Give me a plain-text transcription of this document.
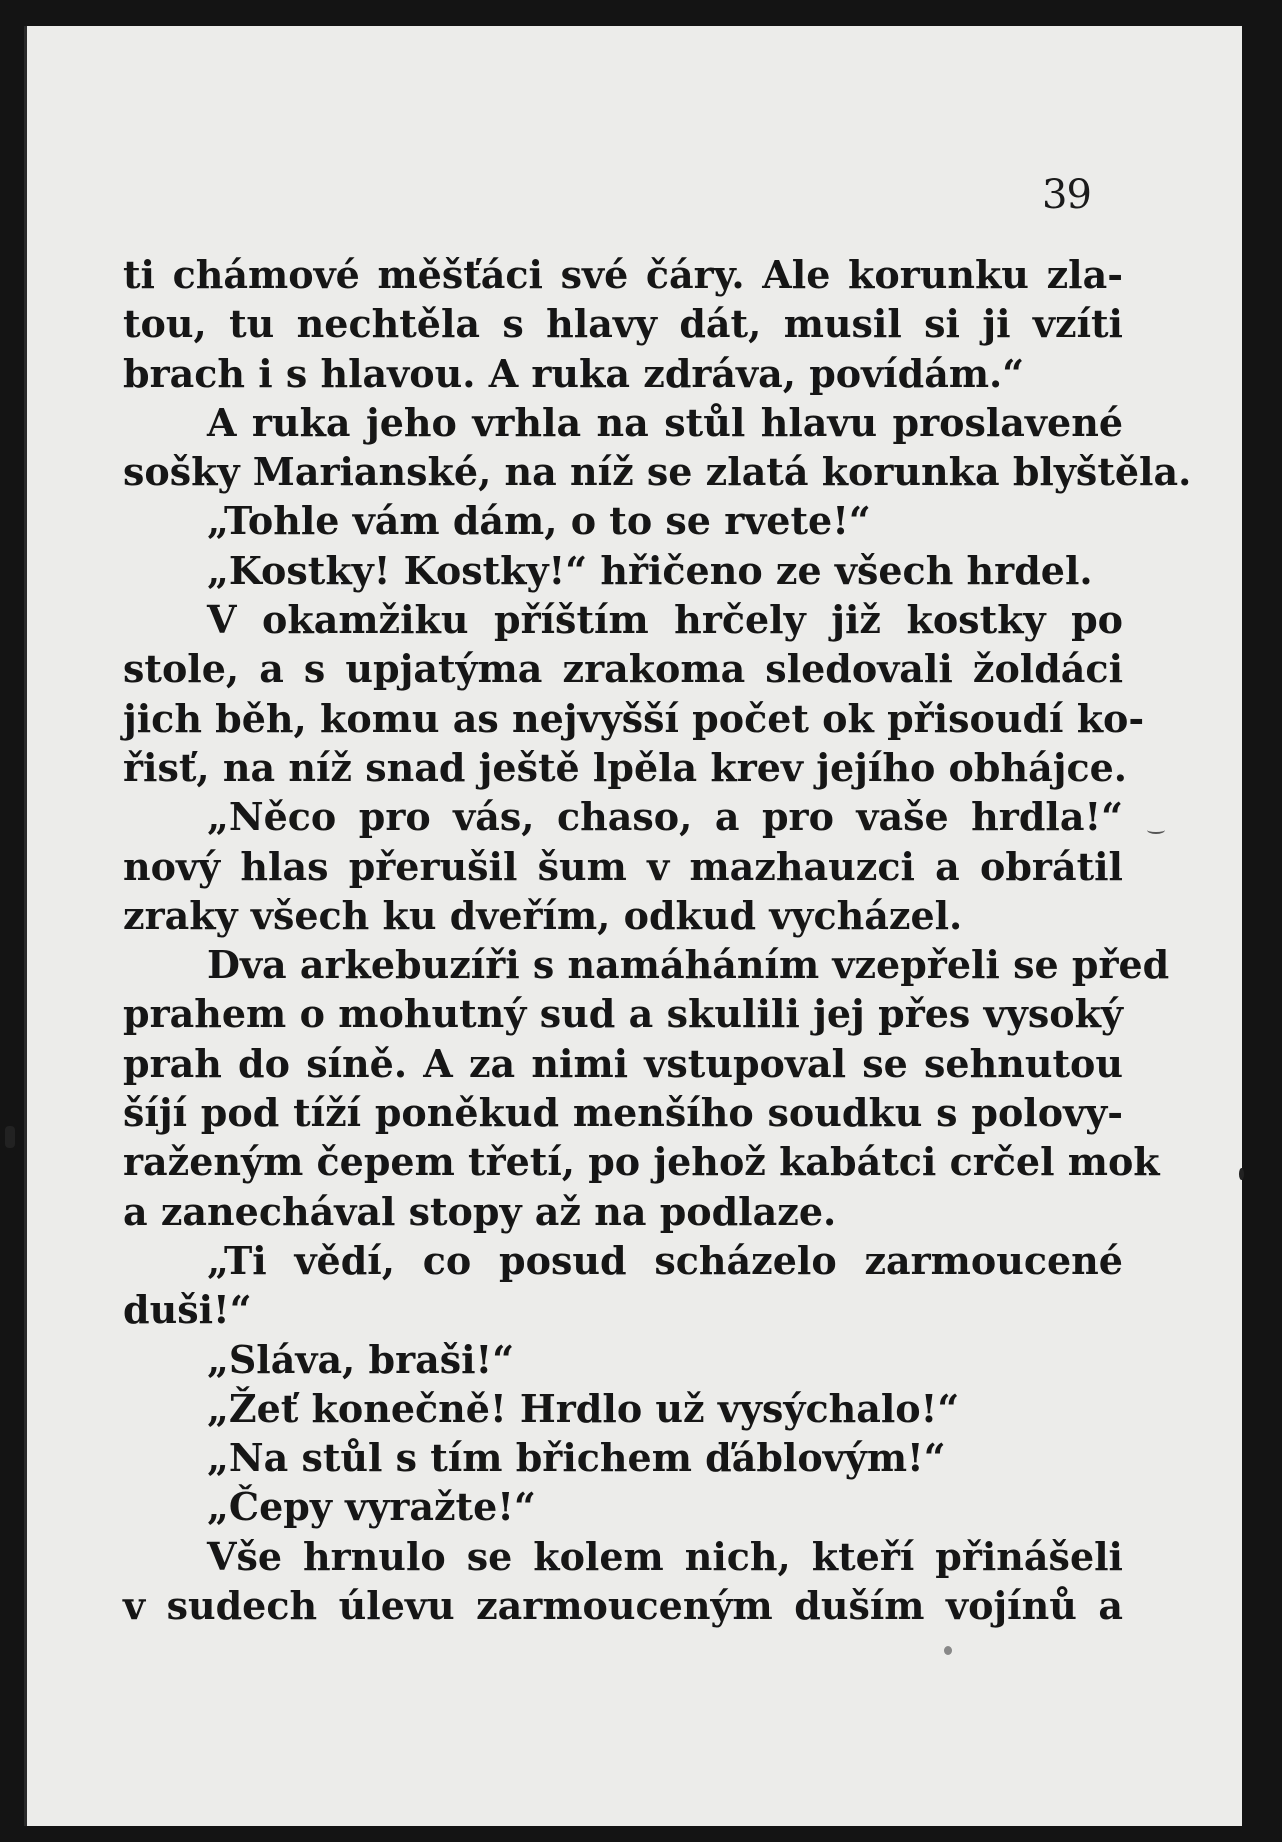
39
ti chámové měšťáci své čáry. Ale korunku zla-
tou, tu nechtěla s hlavy dát, musil si ji vzíti
brach i s hlavou. A ruka zdráva, povídám.“
A ruka jeho vrhla na stůl hlavu proslavené
sošky Marianské, na níž se zlatá korunka blyštěla.
„Tohle vám dám, o to se rvete!“
„Kostky! Kostky!“ hřičeno ze všech hrdel.
V okamžiku příštím hrčely již kostky po
stole, a s upjatýma zrakoma sledovali žoldáci
jich běh, komu as nejvyšší počet ok přisoudí ko-
řisť, na níž snad ještě lpěla krev jejího obhájce.
„Něco pro vás, chaso, a pro vaše hrdla!“
nový hlas přerušil šum v mazhauzci a obrátil
zraky všech ku dveřím, odkud vycházel.
Dva arkebuzíři s namáháním vzepřeli se před
prahem o mohutný sud a skulili jej přes vysoký
prah do síně. A za nimi vstupoval se sehnutou
šíjí pod tíží poněkud menšího soudku s polovy-
raženým čepem třetí, po jehož kabátci crčel mok
a zanechával stopy až na podlaze.
„Ti vědí, co posud scházelo zarmoucené
duši!“
„Sláva, braši!“
„Žeť konečně! Hrdlo už vysýchalo!“
„Na stůl s tím břichem ďáblovým!“
„Čepy vyražte!“
Vše hrnulo se kolem nich, kteří přinášeli
v sudech úlevu zarmouceným duším vojínů a
